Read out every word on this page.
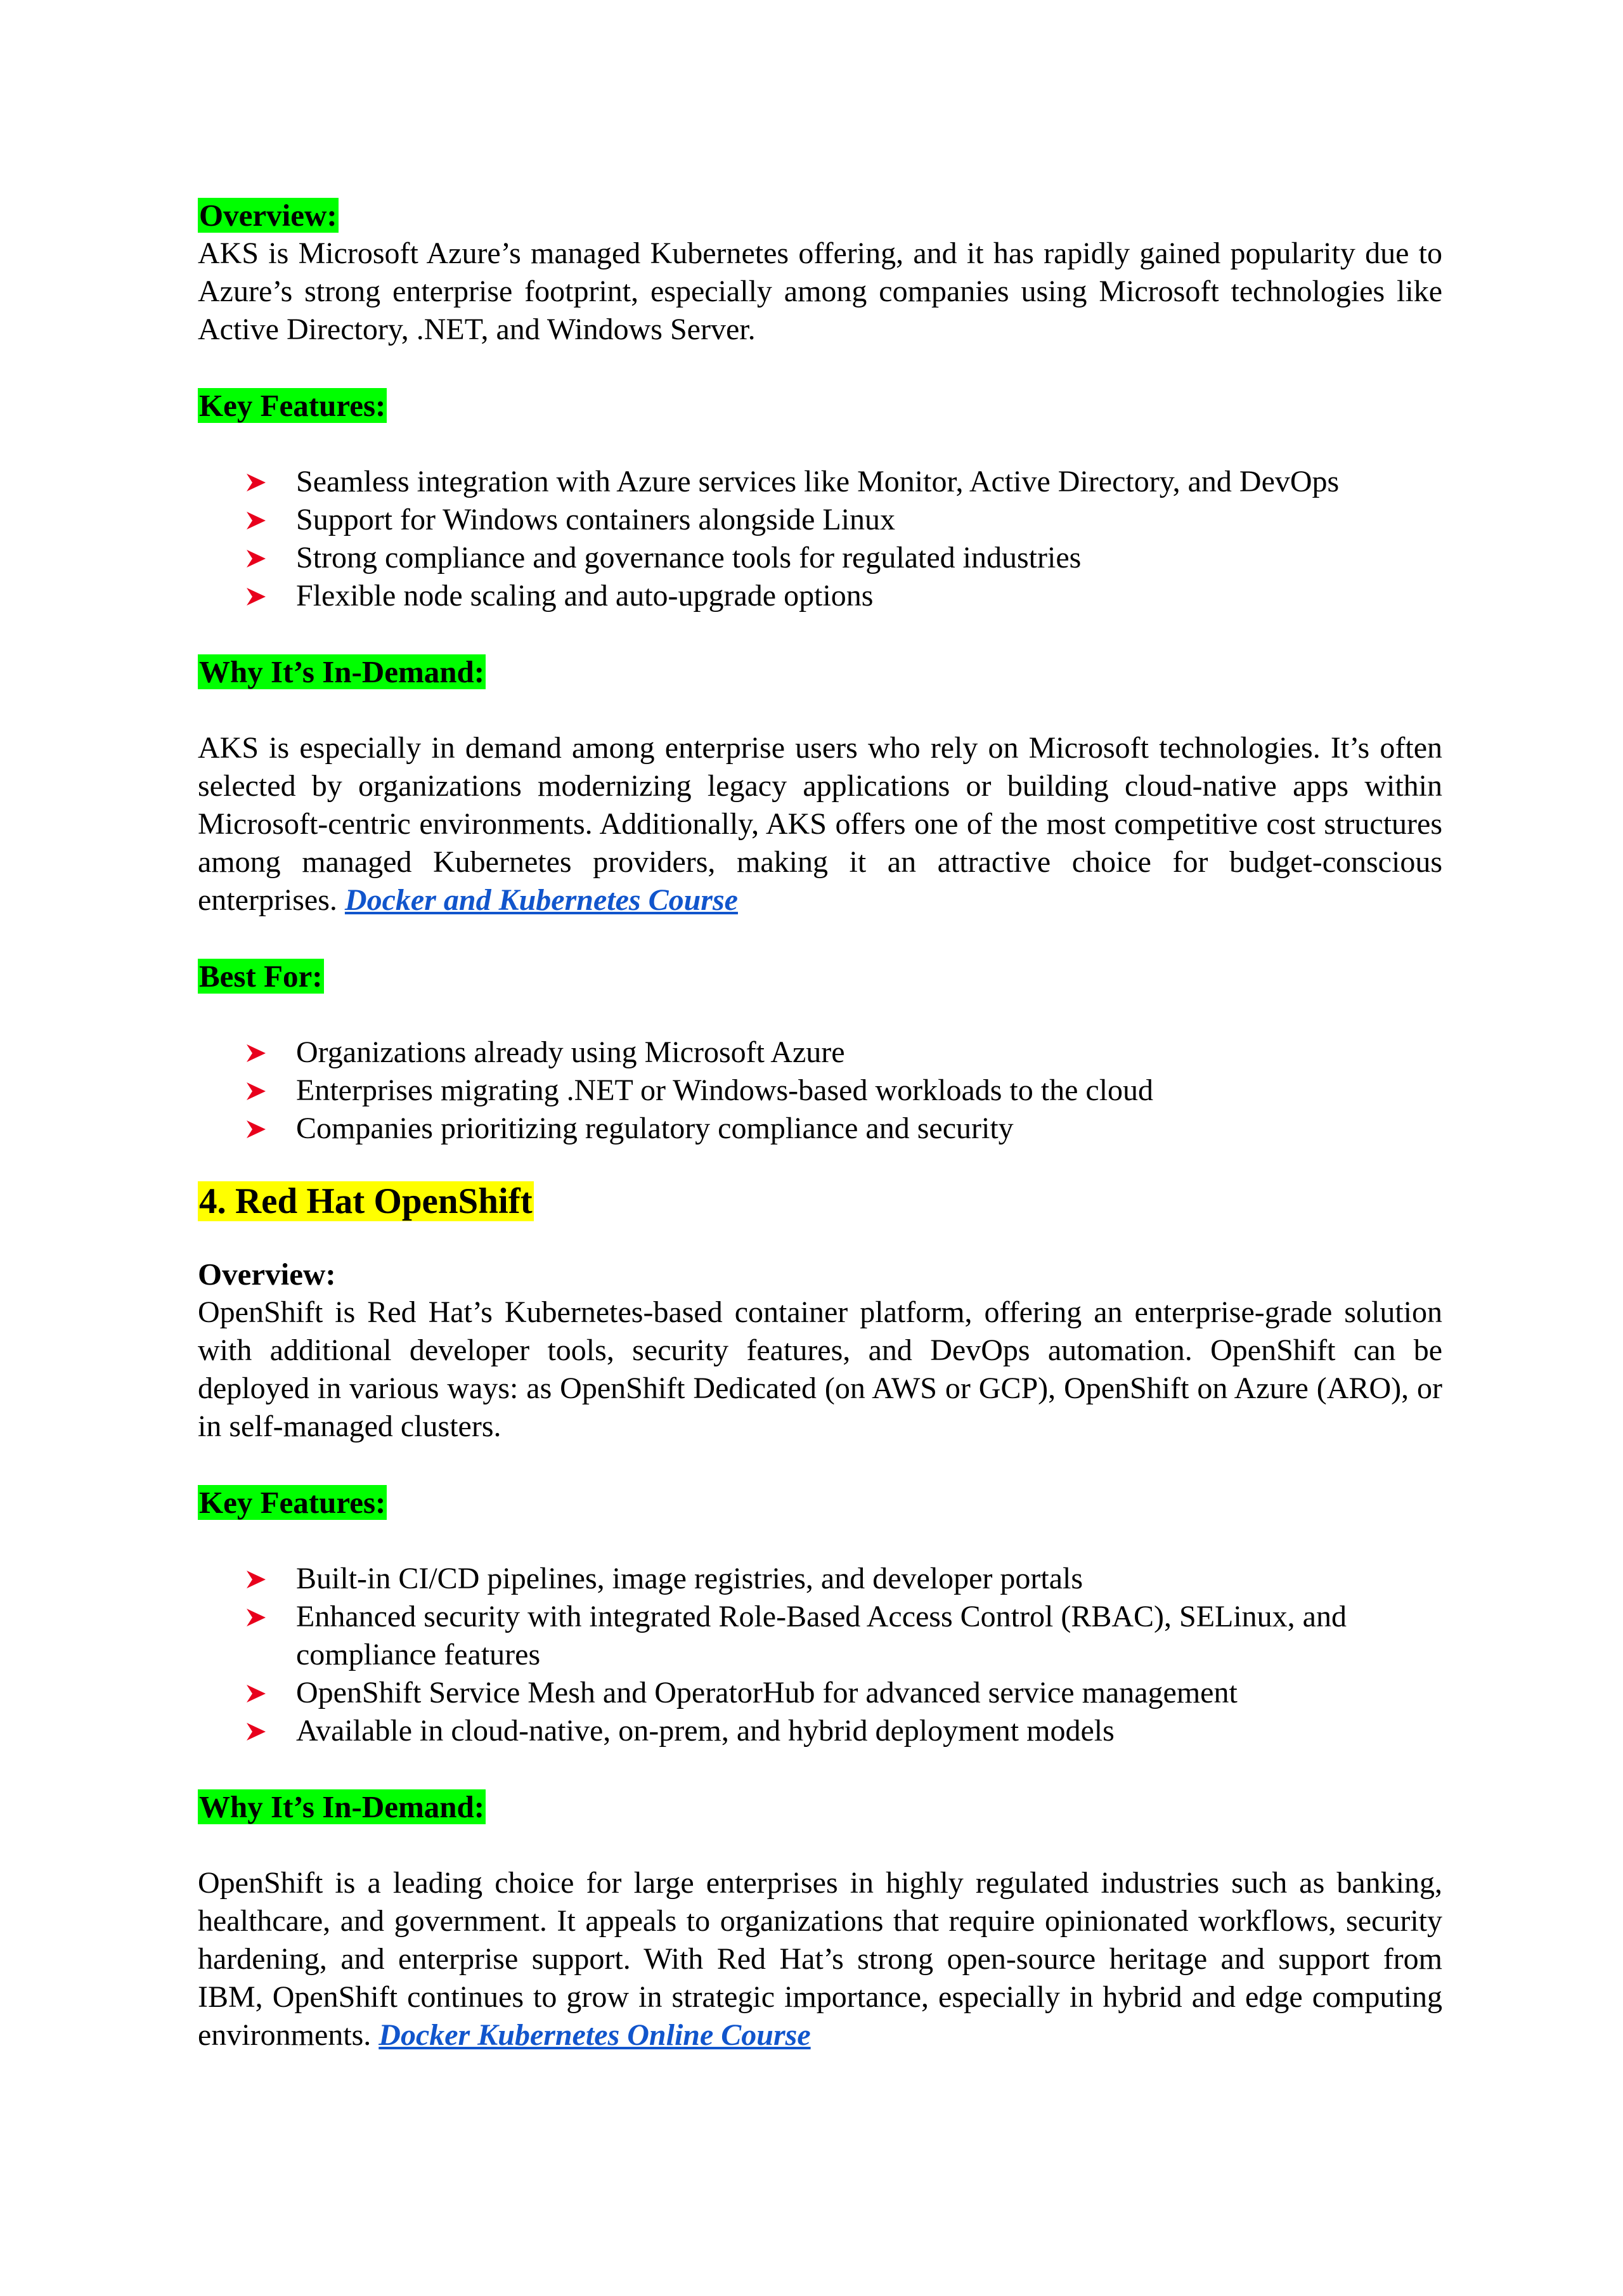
Overview:

AKS is Microsoft Azure’s managed Kubernetes offering, and it has rapidly gained popularity due to Azure’s strong enterprise footprint, especially among companies using Microsoft technologies like Active Directory, .NET, and Windows Server.

Key Features:

Seamless integration with Azure services like Monitor, Active Directory, and DevOps
Support for Windows containers alongside Linux
Strong compliance and governance tools for regulated industries
Flexible node scaling and auto-upgrade options

Why It’s In-Demand:

AKS is especially in demand among enterprise users who rely on Microsoft technologies. It’s often selected by organizations modernizing legacy applications or building cloud-native apps within Microsoft-centric environments. Additionally, AKS offers one of the most competitive cost structures among managed Kubernetes providers, making it an attractive choice for budget-conscious enterprises. Docker and Kubernetes Course

Best For:

Organizations already using Microsoft Azure
Enterprises migrating .NET or Windows-based workloads to the cloud
Companies prioritizing regulatory compliance and security

4. Red Hat OpenShift

Overview:

OpenShift is Red Hat’s Kubernetes-based container platform, offering an enterprise-grade solution with additional developer tools, security features, and DevOps automation. OpenShift can be deployed in various ways: as OpenShift Dedicated (on AWS or GCP), OpenShift on Azure (ARO), or in self-managed clusters.

Key Features:

Built-in CI/CD pipelines, image registries, and developer portals
Enhanced security with integrated Role-Based Access Control (RBAC), SELinux, and compliance features
OpenShift Service Mesh and OperatorHub for advanced service management
Available in cloud-native, on-prem, and hybrid deployment models

Why It’s In-Demand:

OpenShift is a leading choice for large enterprises in highly regulated industries such as banking, healthcare, and government. It appeals to organizations that require opinionated workflows, security hardening, and enterprise support. With Red Hat’s strong open-source heritage and support from IBM, OpenShift continues to grow in strategic importance, especially in hybrid and edge computing environments. Docker Kubernetes Online Course
